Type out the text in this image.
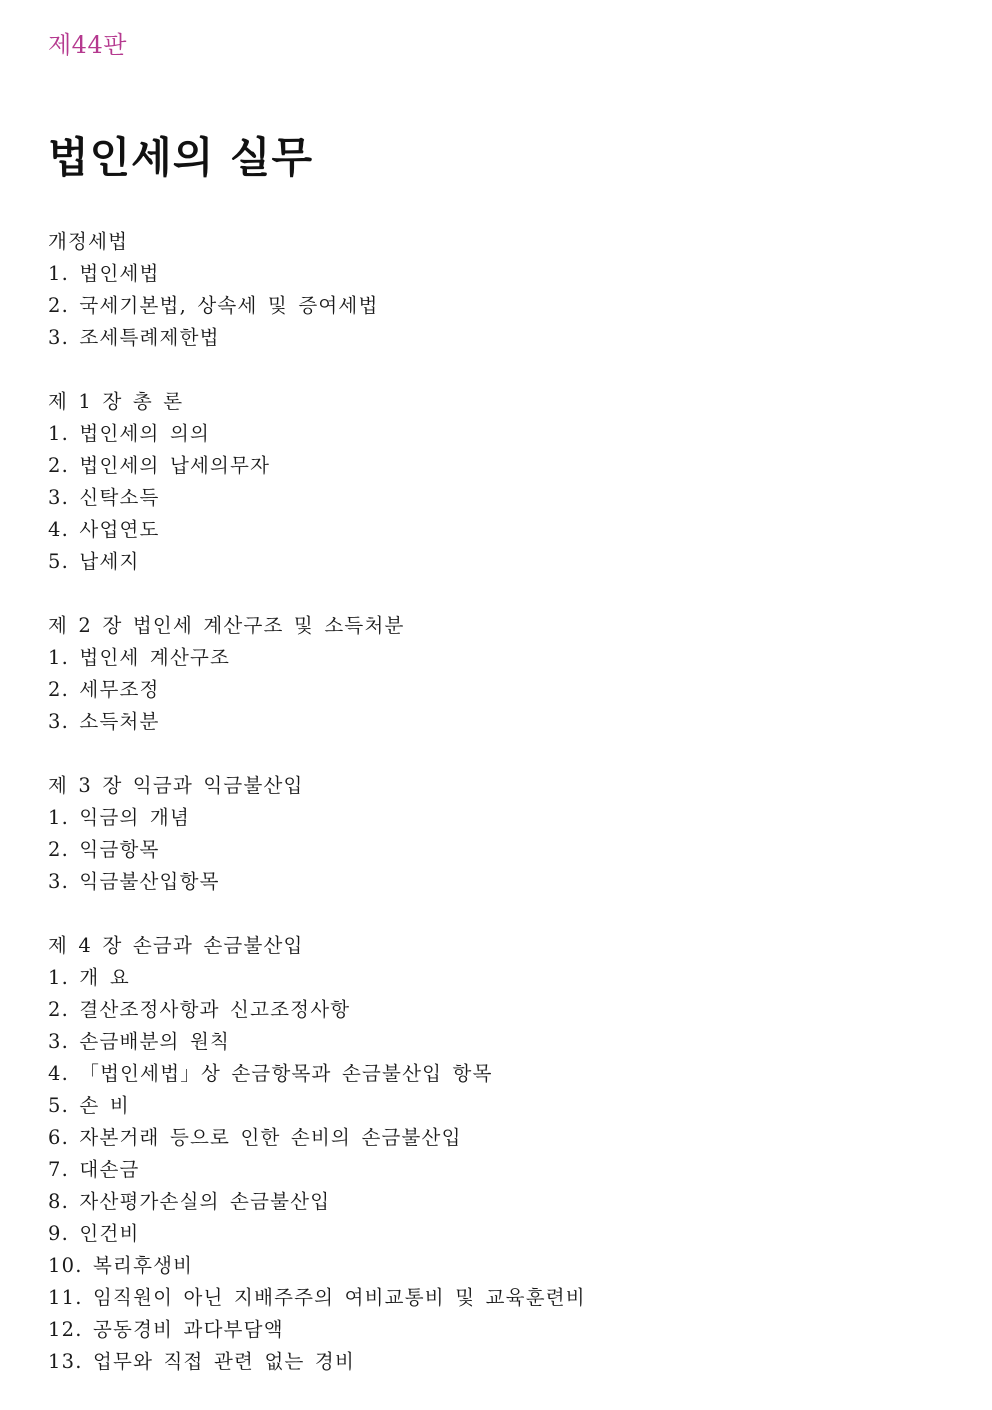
제44판
법인세의 실무
개정세법
1. 법인세법
2. 국세기본법, 상속세 및 증여세법
3. 조세특례제한법
제 1 장 총 론
1. 법인세의 의의
2. 법인세의 납세의무자
3. 신탁소득
4. 사업연도
5. 납세지
제 2 장 법인세 계산구조 및 소득처분
1. 법인세 계산구조
2. 세무조정
3. 소득처분
제 3 장 익금과 익금불산입
1. 익금의 개념
2. 익금항목
3. 익금불산입항목
제 4 장 손금과 손금불산입
1. 개 요
2. 결산조정사항과 신고조정사항
3. 손금배분의 원칙
4. 「법인세법」상 손금항목과 손금불산입 항목
5. 손 비
6. 자본거래 등으로 인한 손비의 손금불산입
7. 대손금
8. 자산평가손실의 손금불산입
9. 인건비
10. 복리후생비
11. 임직원이 아닌 지배주주의 여비교통비 및 교육훈련비
12. 공동경비 과다부담액
13. 업무와 직접 관련 없는 경비
